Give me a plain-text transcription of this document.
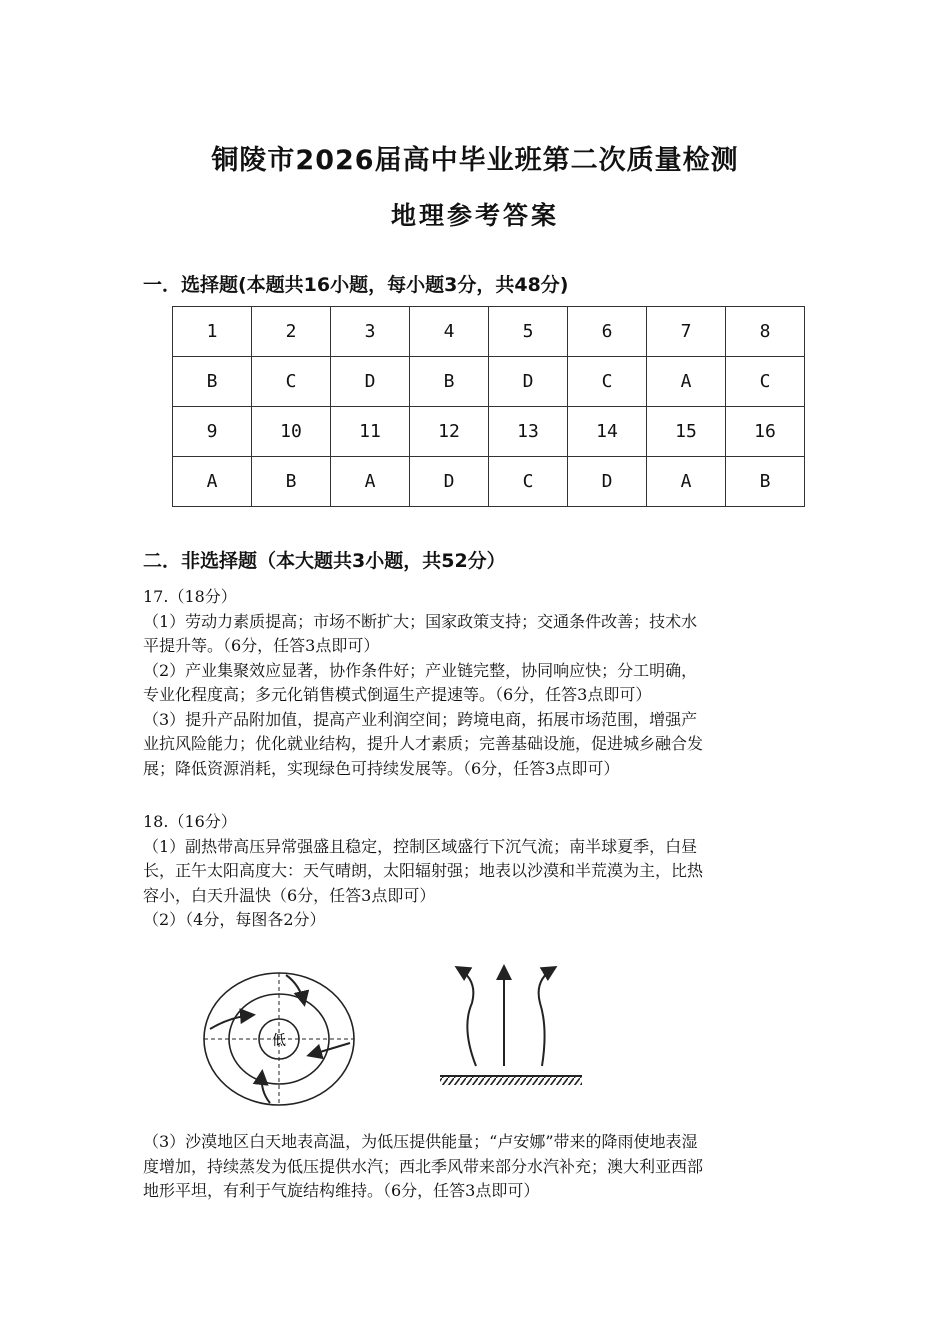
铜陵市2026届高中毕业班第二次质量检测
地理参考答案
一．选择题(本题共16小题，每小题3分，共48分)
1	2	3	4	5	6	7	8
B	C	D	B	D	C	A	C
9	10	11	12	13	14	15	16
A	B	A	D	C	D	A	B
二．非选择题（本大题共3小题，共52分）
17.（18分）
（1）劳动力素质提高；市场不断扩大；国家政策支持；交通条件改善；技术水
平提升等。（6分，任答3点即可）
（2）产业集聚效应显著，协作条件好；产业链完整，协同响应快；分工明确，
专业化程度高；多元化销售模式倒逼生产提速等。（6分，任答3点即可）
（3）提升产品附加值，提高产业利润空间；跨境电商，拓展市场范围，增强产
业抗风险能力；优化就业结构，提升人才素质；完善基础设施，促进城乡融合发
展；降低资源消耗，实现绿色可持续发展等。（6分，任答3点即可）
18.（16分）
（1）副热带高压异常强盛且稳定，控制区域盛行下沉气流；南半球夏季，白昼
长，正午太阳高度大：天气晴朗，太阳辐射强；地表以沙漠和半荒漠为主，比热
容小，白天升温快（6分，任答3点即可）
（2）（4分，每图各2分）
低
（3）沙漠地区白天地表高温，为低压提供能量；“卢安娜”带来的降雨使地表湿
度增加，持续蒸发为低压提供水汽；西北季风带来部分水汽补充；澳大利亚西部
地形平坦，有利于气旋结构维持。（6分，任答3点即可）
